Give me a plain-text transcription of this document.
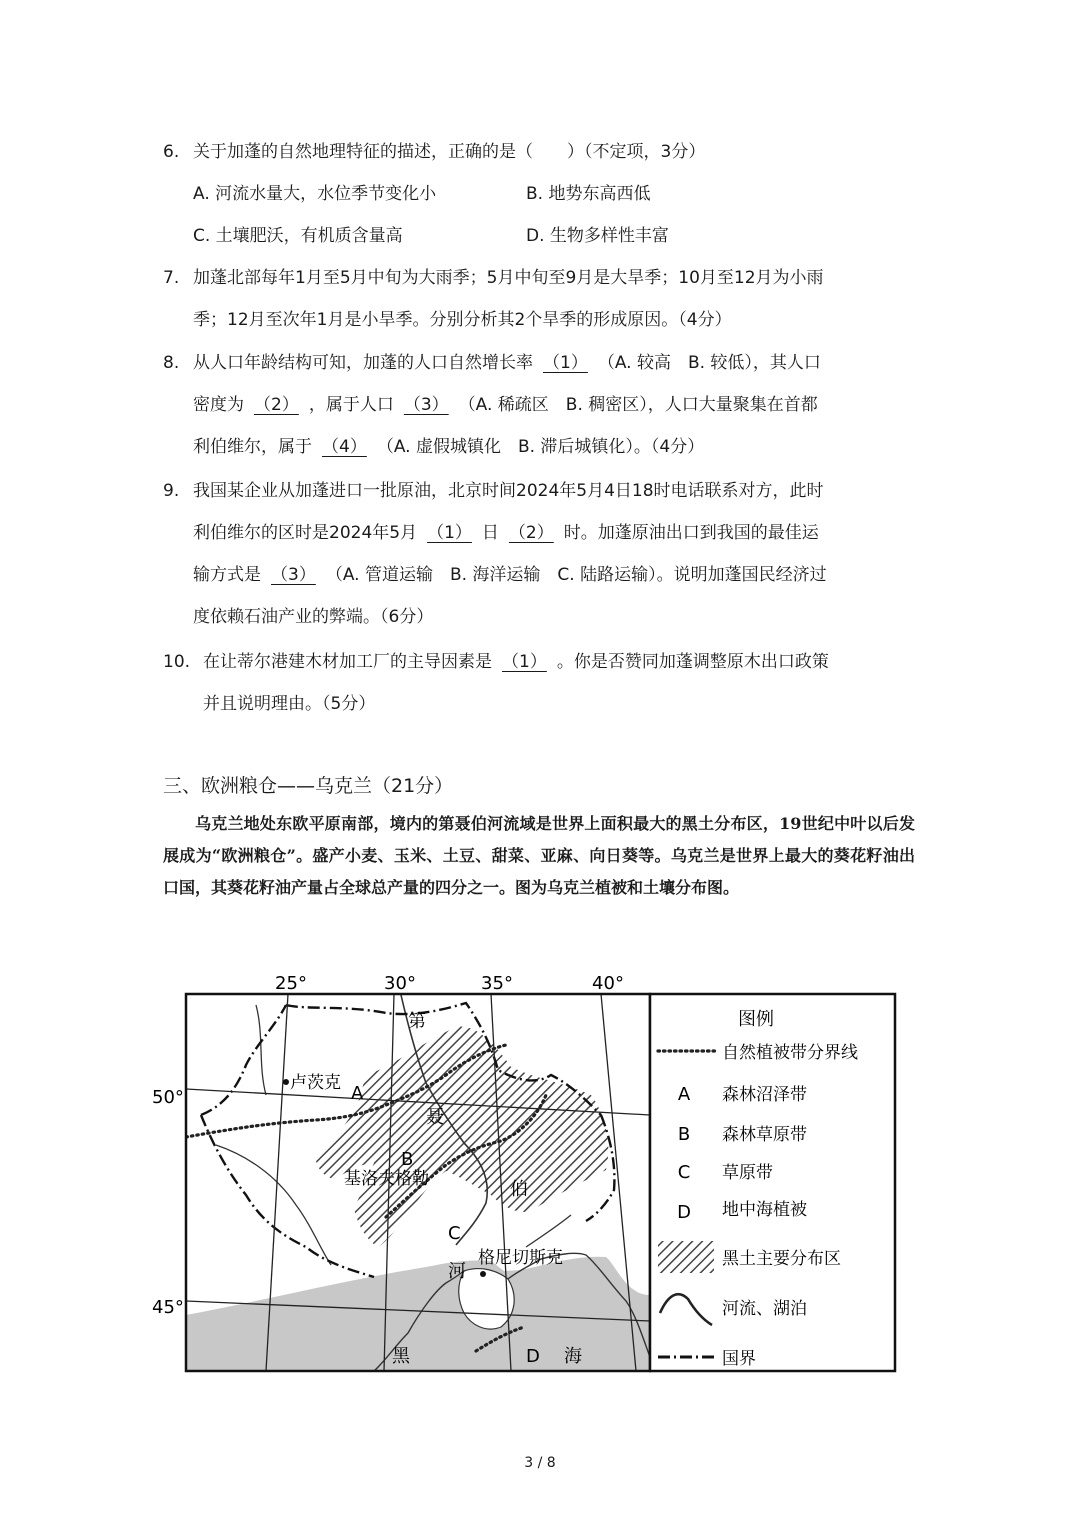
6. 关于加蓬的自然地理特征的描述，正确的是（　　）（不定项，3分）
A. 河流水量大，水位季节变化小	B. 地势东高西低
C. 土壤肥沃，有机质含量高	D. 生物多样性丰富
7. 加蓬北部每年1月至5月中旬为大雨季；5月中旬至9月是大旱季；10月至12月为小雨
季；12月至次年1月是小旱季。分别分析其2个旱季的形成原因。（4分）
8. 从人口年龄结构可知，加蓬的人口自然增长率 （1） （A. 较高　B. 较低），其人口
密度为 （2） ，属于人口 （3） （A. 稀疏区　B. 稠密区），人口大量聚集在首都
利伯维尔，属于 （4） （A. 虚假城镇化　B. 滞后城镇化）。（4分）
9. 我国某企业从加蓬进口一批原油，北京时间2024年5月4日18时电话联系对方，此时
利伯维尔的区时是2024年5月 （1） 日 （2） 时。加蓬原油出口到我国的最佳运
输方式是 （3） （A. 管道运输　B. 海洋运输　C. 陆路运输）。说明加蓬国民经济过
度依赖石油产业的弊端。（6分）
10. 在让蒂尔港建木材加工厂的主导因素是 （1） 。你是否赞同加蓬调整原木出口政策
并且说明理由。（5分）
三、欧洲粮仓——乌克兰（21分）

乌克兰地处东欧平原南部，境内的第聂伯河流域是世界上面积最大的黑土分布区，19世纪中叶以后发展成为“欧洲粮仓”。盛产小麦、玉米、土豆、甜菜、亚麻、向日葵等。乌克兰是世界上最大的葵花籽油出口国，其葵花籽油产量占全球总产量的四分之一。图为乌克兰植被和土壤分布图。

25°	30°	35°	40°
50°
45°
卢茨克 A
B
基洛夫格勒
C
格尼切斯克
第
聂
伯
河
黑	D 海
图例
自然植被带分界线
A 森林沼泽带
B 森林草原带
C 草原带
D 地中海植被
黑土主要分布区
河流、湖泊
国界
3 / 8
